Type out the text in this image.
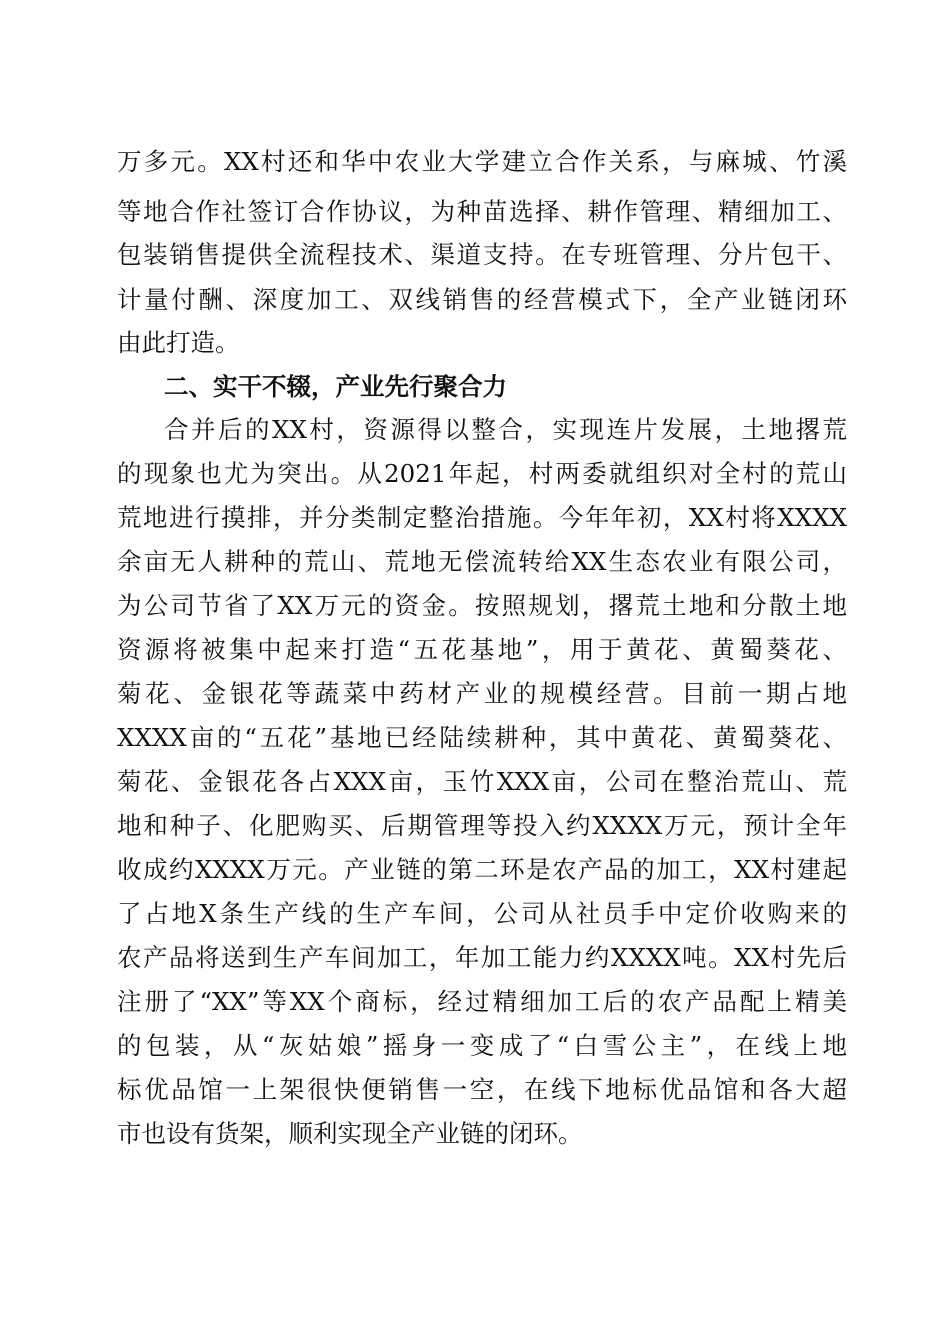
万多元。XX村还和华中农业大学建立合作关系，与麻城、竹溪
等地合作社签订合作协议，为种苗选择、耕作管理、精细加工、
包装销售提供全流程技术、渠道支持。在专班管理、分片包干、
计量付酬、深度加工、双线销售的经营模式下，全产业链闭环
由此打造。
二、实干不辍，产业先行聚合力
合并后的XX村，资源得以整合，实现连片发展，土地撂荒
的现象也尤为突出。从2021年起，村两委就组织对全村的荒山
荒地进行摸排，并分类制定整治措施。今年年初，XX村将XXXX
余亩无人耕种的荒山、荒地无偿流转给XX生态农业有限公司，
为公司节省了XX万元的资金。按照规划，撂荒土地和分散土地
资源将被集中起来打造“五花基地”，用于黄花、黄蜀葵花、
菊花、金银花等蔬菜中药材产业的规模经营。目前一期占地
XXXX亩的“五花”基地已经陆续耕种，其中黄花、黄蜀葵花、
菊花、金银花各占XXX亩，玉竹XXX亩，公司在整治荒山、荒
地和种子、化肥购买、后期管理等投入约XXXX万元，预计全年
收成约XXXX万元。产业链的第二环是农产品的加工，XX村建起
了占地X条生产线的生产车间，公司从社员手中定价收购来的
农产品将送到生产车间加工，年加工能力约XXXX吨。XX村先后
注册了“XX”等XX个商标，经过精细加工后的农产品配上精美
的包装，从“灰姑娘”摇身一变成了“白雪公主”，在线上地
标优品馆一上架很快便销售一空，在线下地标优品馆和各大超
市也设有货架，顺利实现全产业链的闭环。
